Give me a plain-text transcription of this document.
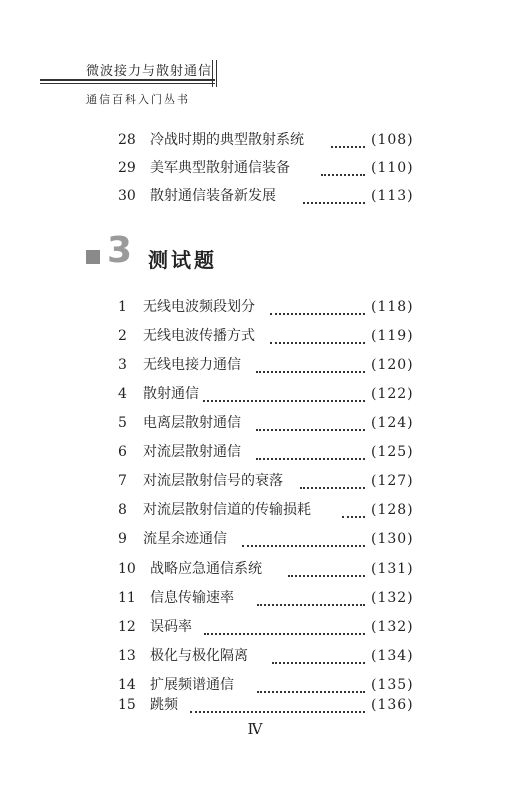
微波接力与散射通信
通信百科入门丛书
28 冷战时期的典型散射系统	(108)
29 美军典型散射通信装备	(110)
30 散射通信装备新发展	(113)
3 测试题
1 无线电波频段划分	(118)
2 无线电波传播方式	(119)
3 无线电接力通信	(120)
4 散射通信	(122)
5 电离层散射通信	(124)
6 对流层散射通信	(125)
7 对流层散射信号的衰落	(127)
8 对流层散射信道的传输损耗	(128)
9 流星余迹通信	(130)
10 战略应急通信系统	(131)
11 信息传输速率	(132)
12 误码率	(132)
13 极化与极化隔离	(134)
14 扩展频谱通信	(135)
15 跳频	(136)
Ⅳ
